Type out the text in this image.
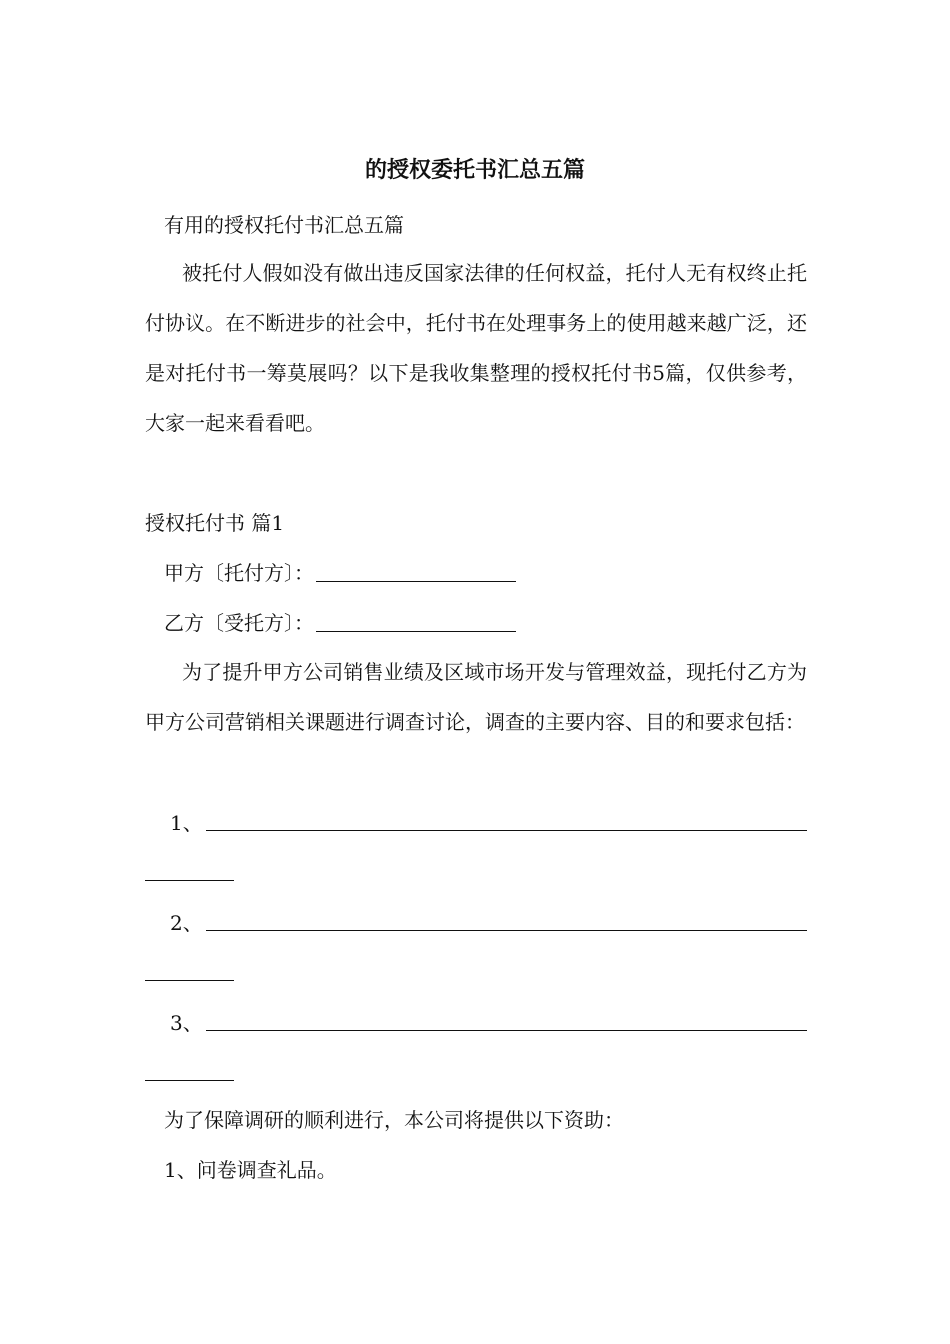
的授权委托书汇总五篇
有用的授权托付书汇总五篇
被托付人假如没有做出违反国家法律的任何权益，托付人无有权终止托付协议。在不断进步的社会中，托付书在处理事务上的使用越来越广泛，还是对托付书一筹莫展吗？以下是我收集整理的授权托付书5篇，仅供参考，大家一起来看看吧。
授权托付书 篇1
甲方〔托付方〕：
乙方〔受托方〕：
为了提升甲方公司销售业绩及区域市场开发与管理效益，现托付乙方为甲方公司营销相关课题进行调查讨论，调查的主要内容、目的和要求包括：
1、
2、
3、
为了保障调研的顺利进行，本公司将提供以下资助：
1、问卷调查礼品。
